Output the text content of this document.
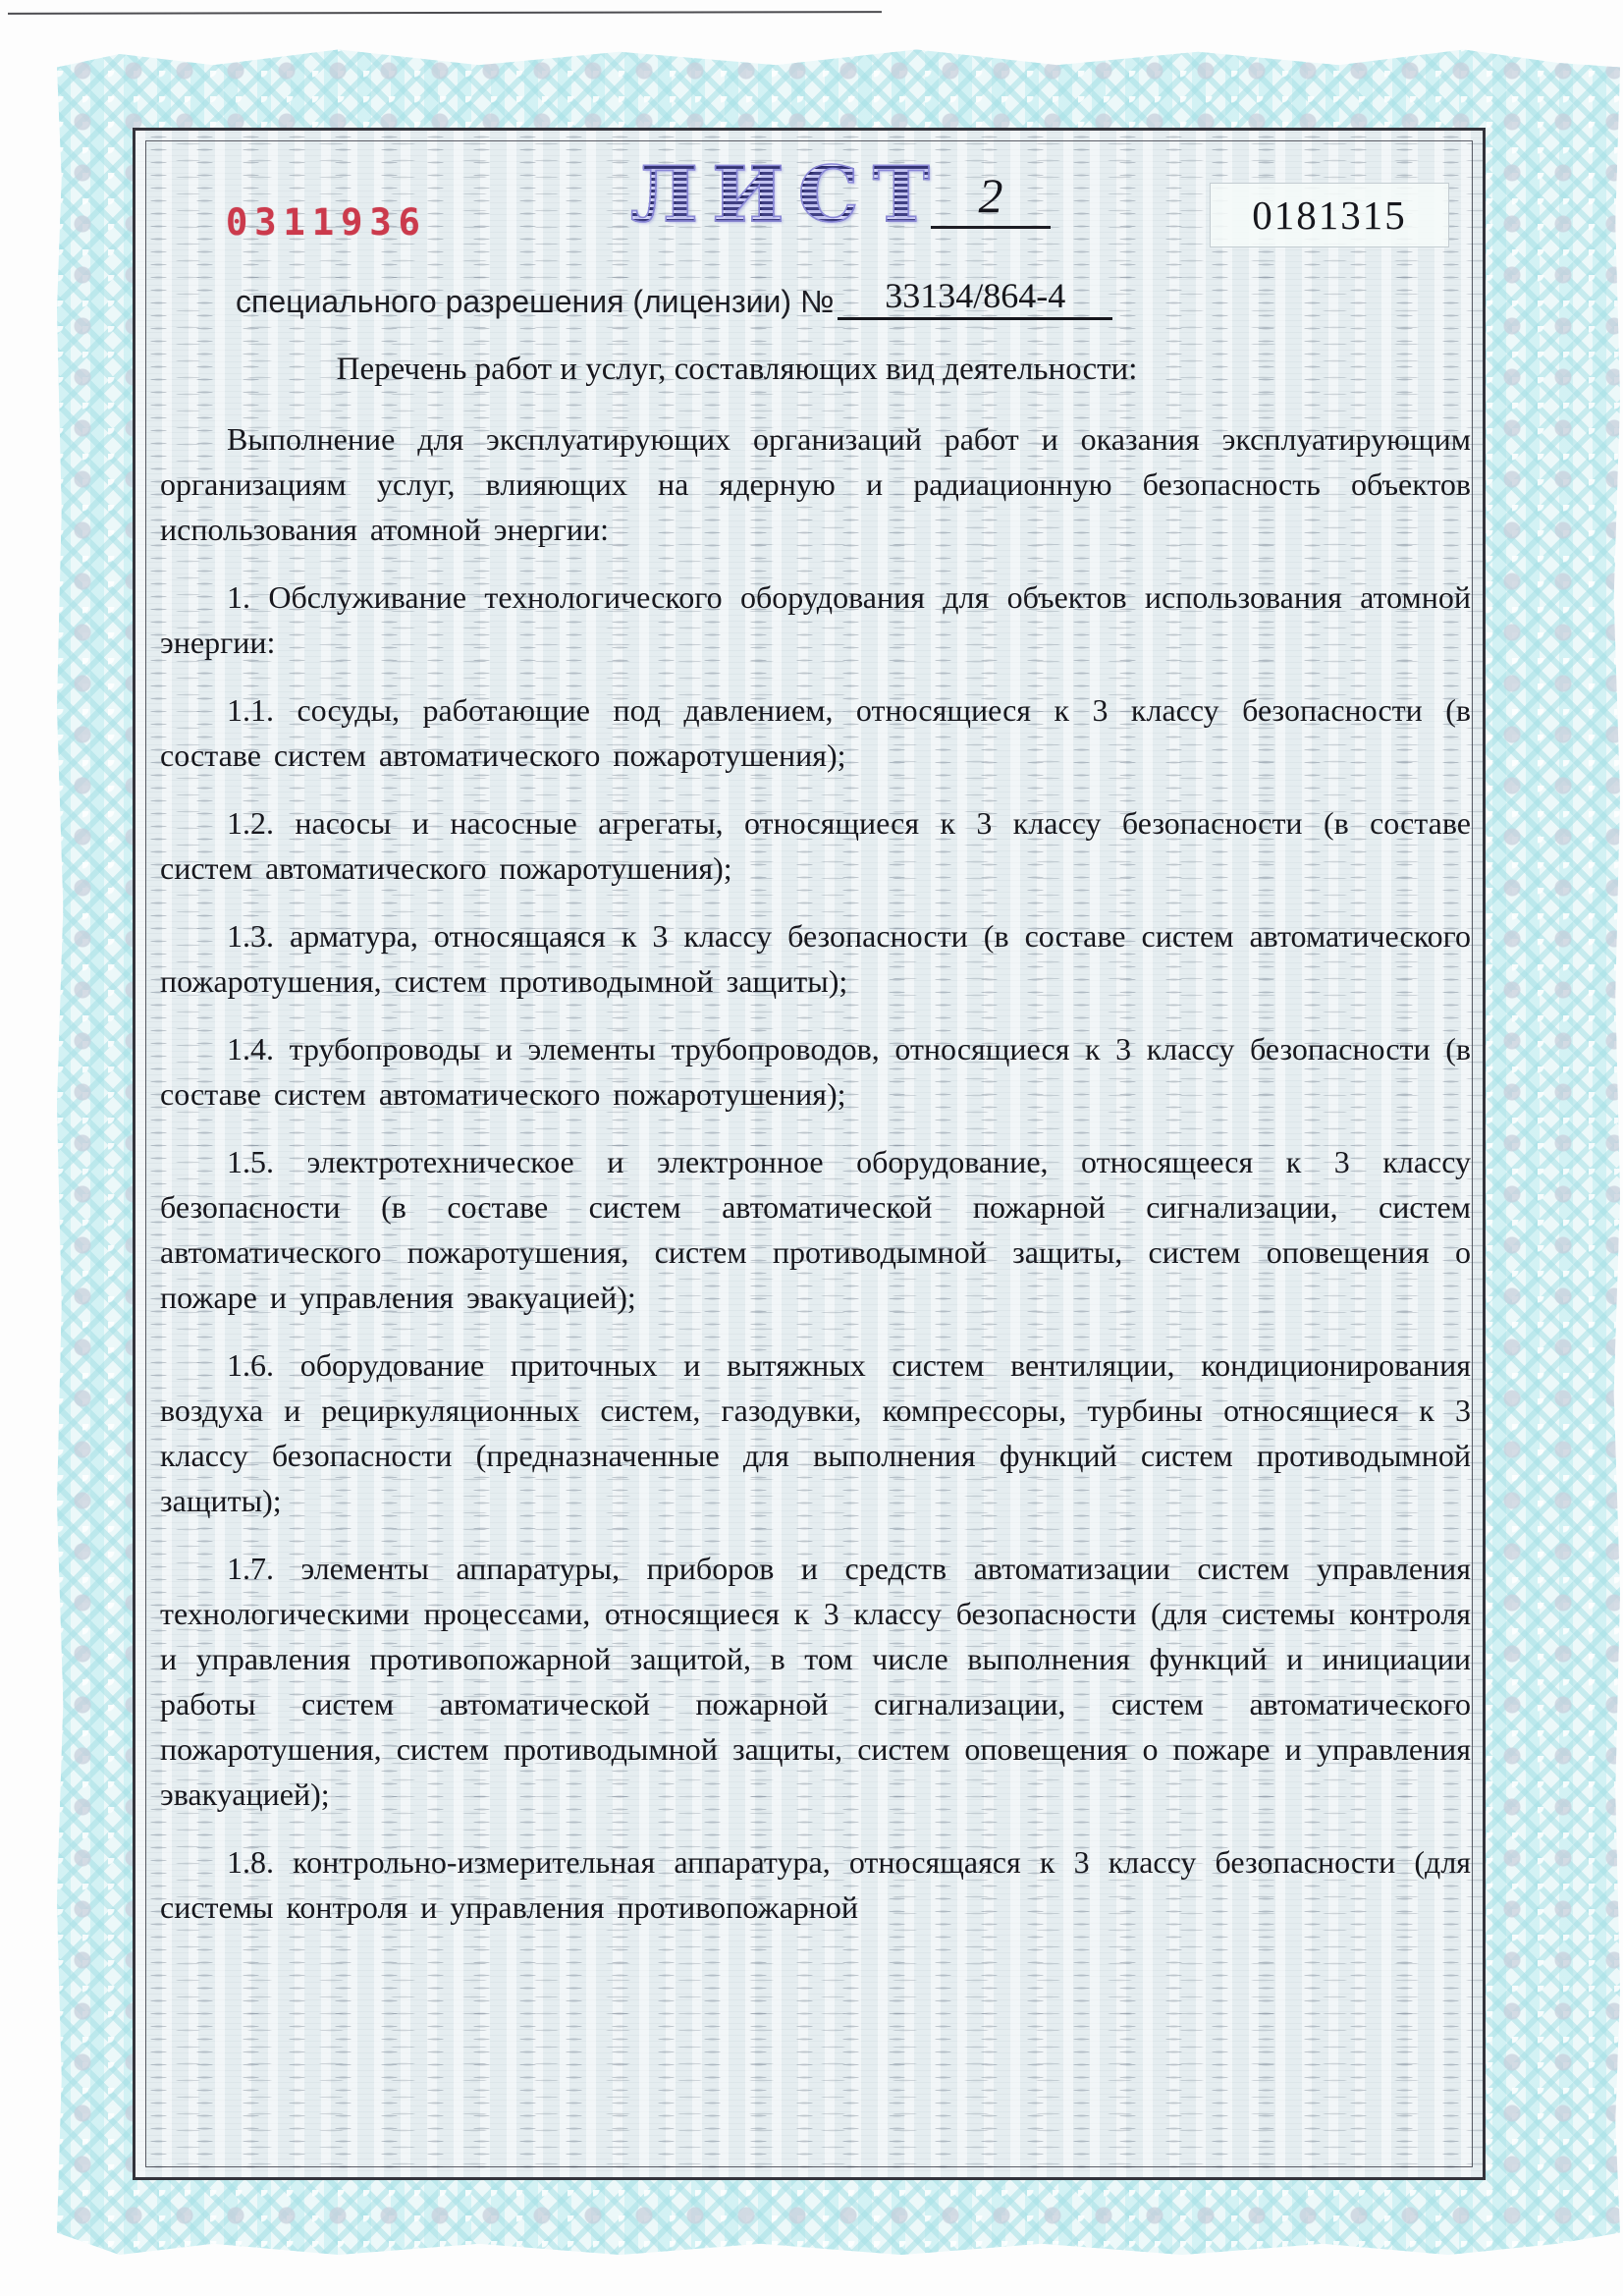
0311936	ЛИСТ 2	0181315
специального разрешения (лицензии) № 33134/864-4
Перечень работ и услуг, составляющих вид деятельности:

Выполнение для эксплуатирующих организаций работ и оказания эксплуатирующим организациям услуг, влияющих на ядерную и радиационную безопасность объектов использования атомной энергии:

1. Обслуживание технологического оборудования для объектов использования атомной энергии:

1.1. сосуды, работающие под давлением, относящиеся к 3 классу безопасности (в составе систем автоматического пожаротушения);

1.2. насосы и насосные агрегаты, относящиеся к 3 классу безопасности (в составе систем автоматического пожаротушения);

1.3. арматура, относящаяся к 3 классу безопасности (в составе систем автоматического пожаротушения, систем противодымной защиты);

1.4. трубопроводы и элементы трубопроводов, относящиеся к 3 классу безопасности (в составе систем автоматического пожаротушения);

1.5. электротехническое и электронное оборудование, относящееся к 3 классу безопасности (в составе систем автоматической пожарной сигнализации, систем автоматического пожаротушения, систем противодымной защиты, систем оповещения о пожаре и управления эвакуацией);

1.6. оборудование приточных и вытяжных систем вентиляции, кондиционирования воздуха и рециркуляционных систем, газодувки, компрессоры, турбины относящиеся к 3 классу безопасности (предназначенные для выполнения функций систем противодымной защиты);

1.7. элементы аппаратуры, приборов и средств автоматизации систем управления технологическими процессами, относящиеся к 3 классу безопасности (для системы контроля и управления противопожарной защитой, в том числе выполнения функций и инициации работы систем автоматической пожарной сигнализации, систем автоматического пожаротушения, систем противодымной защиты, систем оповещения о пожаре и управления эвакуацией);

1.8. контрольно-измерительная аппаратура, относящаяся к 3 классу безопасности (для системы контроля и управления противопожарной
